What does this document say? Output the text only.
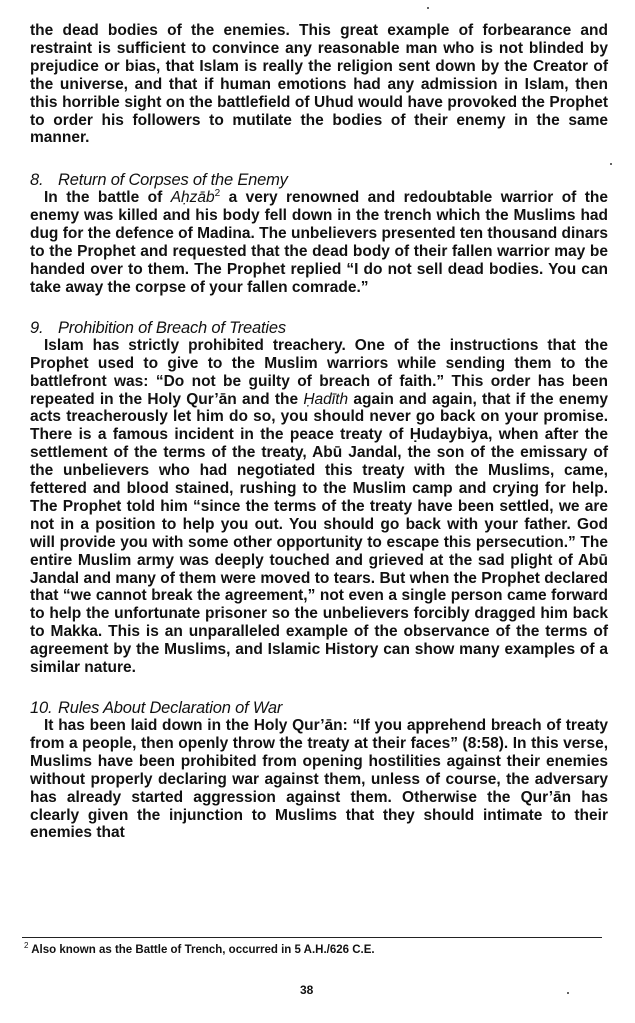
the dead bodies of the enemies. This great example of forbearance and restraint is sufficient to convince any reasonable man who is not blinded by prejudice or bias, that Islam is really the religion sent down by the Creator of the universe, and that if human emotions had any admission in Islam, then this horrible sight on the battlefield of Uhud would have provoked the Prophet to order his followers to mutilate the bodies of their enemy in the same manner.

8. Return of Corpses of the Enemy

In the battle of Aḥzāb$^2$ a very renowned and redoubtable warrior of the enemy was killed and his body fell down in the trench which the Muslims had dug for the defence of Madina. The unbelievers presented ten thousand dinars to the Prophet and requested that the dead body of their fallen warrior may be handed over to them. The Prophet replied “I do not sell dead bodies. You can take away the corpse of your fallen comrade.”

9. Prohibition of Breach of Treaties

Islam has strictly prohibited treachery. One of the instructions that the Prophet used to give to the Muslim warriors while sending them to the battlefront was: “Do not be guilty of breach of faith.” This order has been repeated in the Holy Qur’ān and the Ḥadīth again and again, that if the enemy acts treacherously let him do so, you should never go back on your promise. There is a famous incident in the peace treaty of Ḥudaybiya, when after the settlement of the terms of the treaty, Abū Jandal, the son of the emissary of the unbelievers who had negotiated this treaty with the Muslims, came, fettered and blood stained, rushing to the Muslim camp and crying for help. The Prophet told him “since the terms of the treaty have been settled, we are not in a position to help you out. You should go back with your father. God will provide you with some other opportunity to escape this persecution.” The entire Muslim army was deeply touched and grieved at the sad plight of Abū Jandal and many of them were moved to tears. But when the Prophet declared that “we cannot break the agreement,” not even a single person came forward to help the unfortunate prisoner so the unbelievers forcibly dragged him back to Makka. This is an unparalleled example of the observance of the terms of agreement by the Muslims, and Islamic History can show many examples of a similar nature.

10. Rules About Declaration of War

It has been laid down in the Holy Qur’ān: “If you apprehend breach of treaty from a people, then openly throw the treaty at their faces” (8:58). In this verse, Muslims have been prohibited from opening hostilities against their enemies without properly declaring war against them, unless of course, the adversary has already started aggression against them. Otherwise the Qur’ān has clearly given the injunction to Muslims that they should intimate to their enemies that

$^2$ Also known as the Battle of Trench, occurred in 5 A.H./626 C.E.
38
